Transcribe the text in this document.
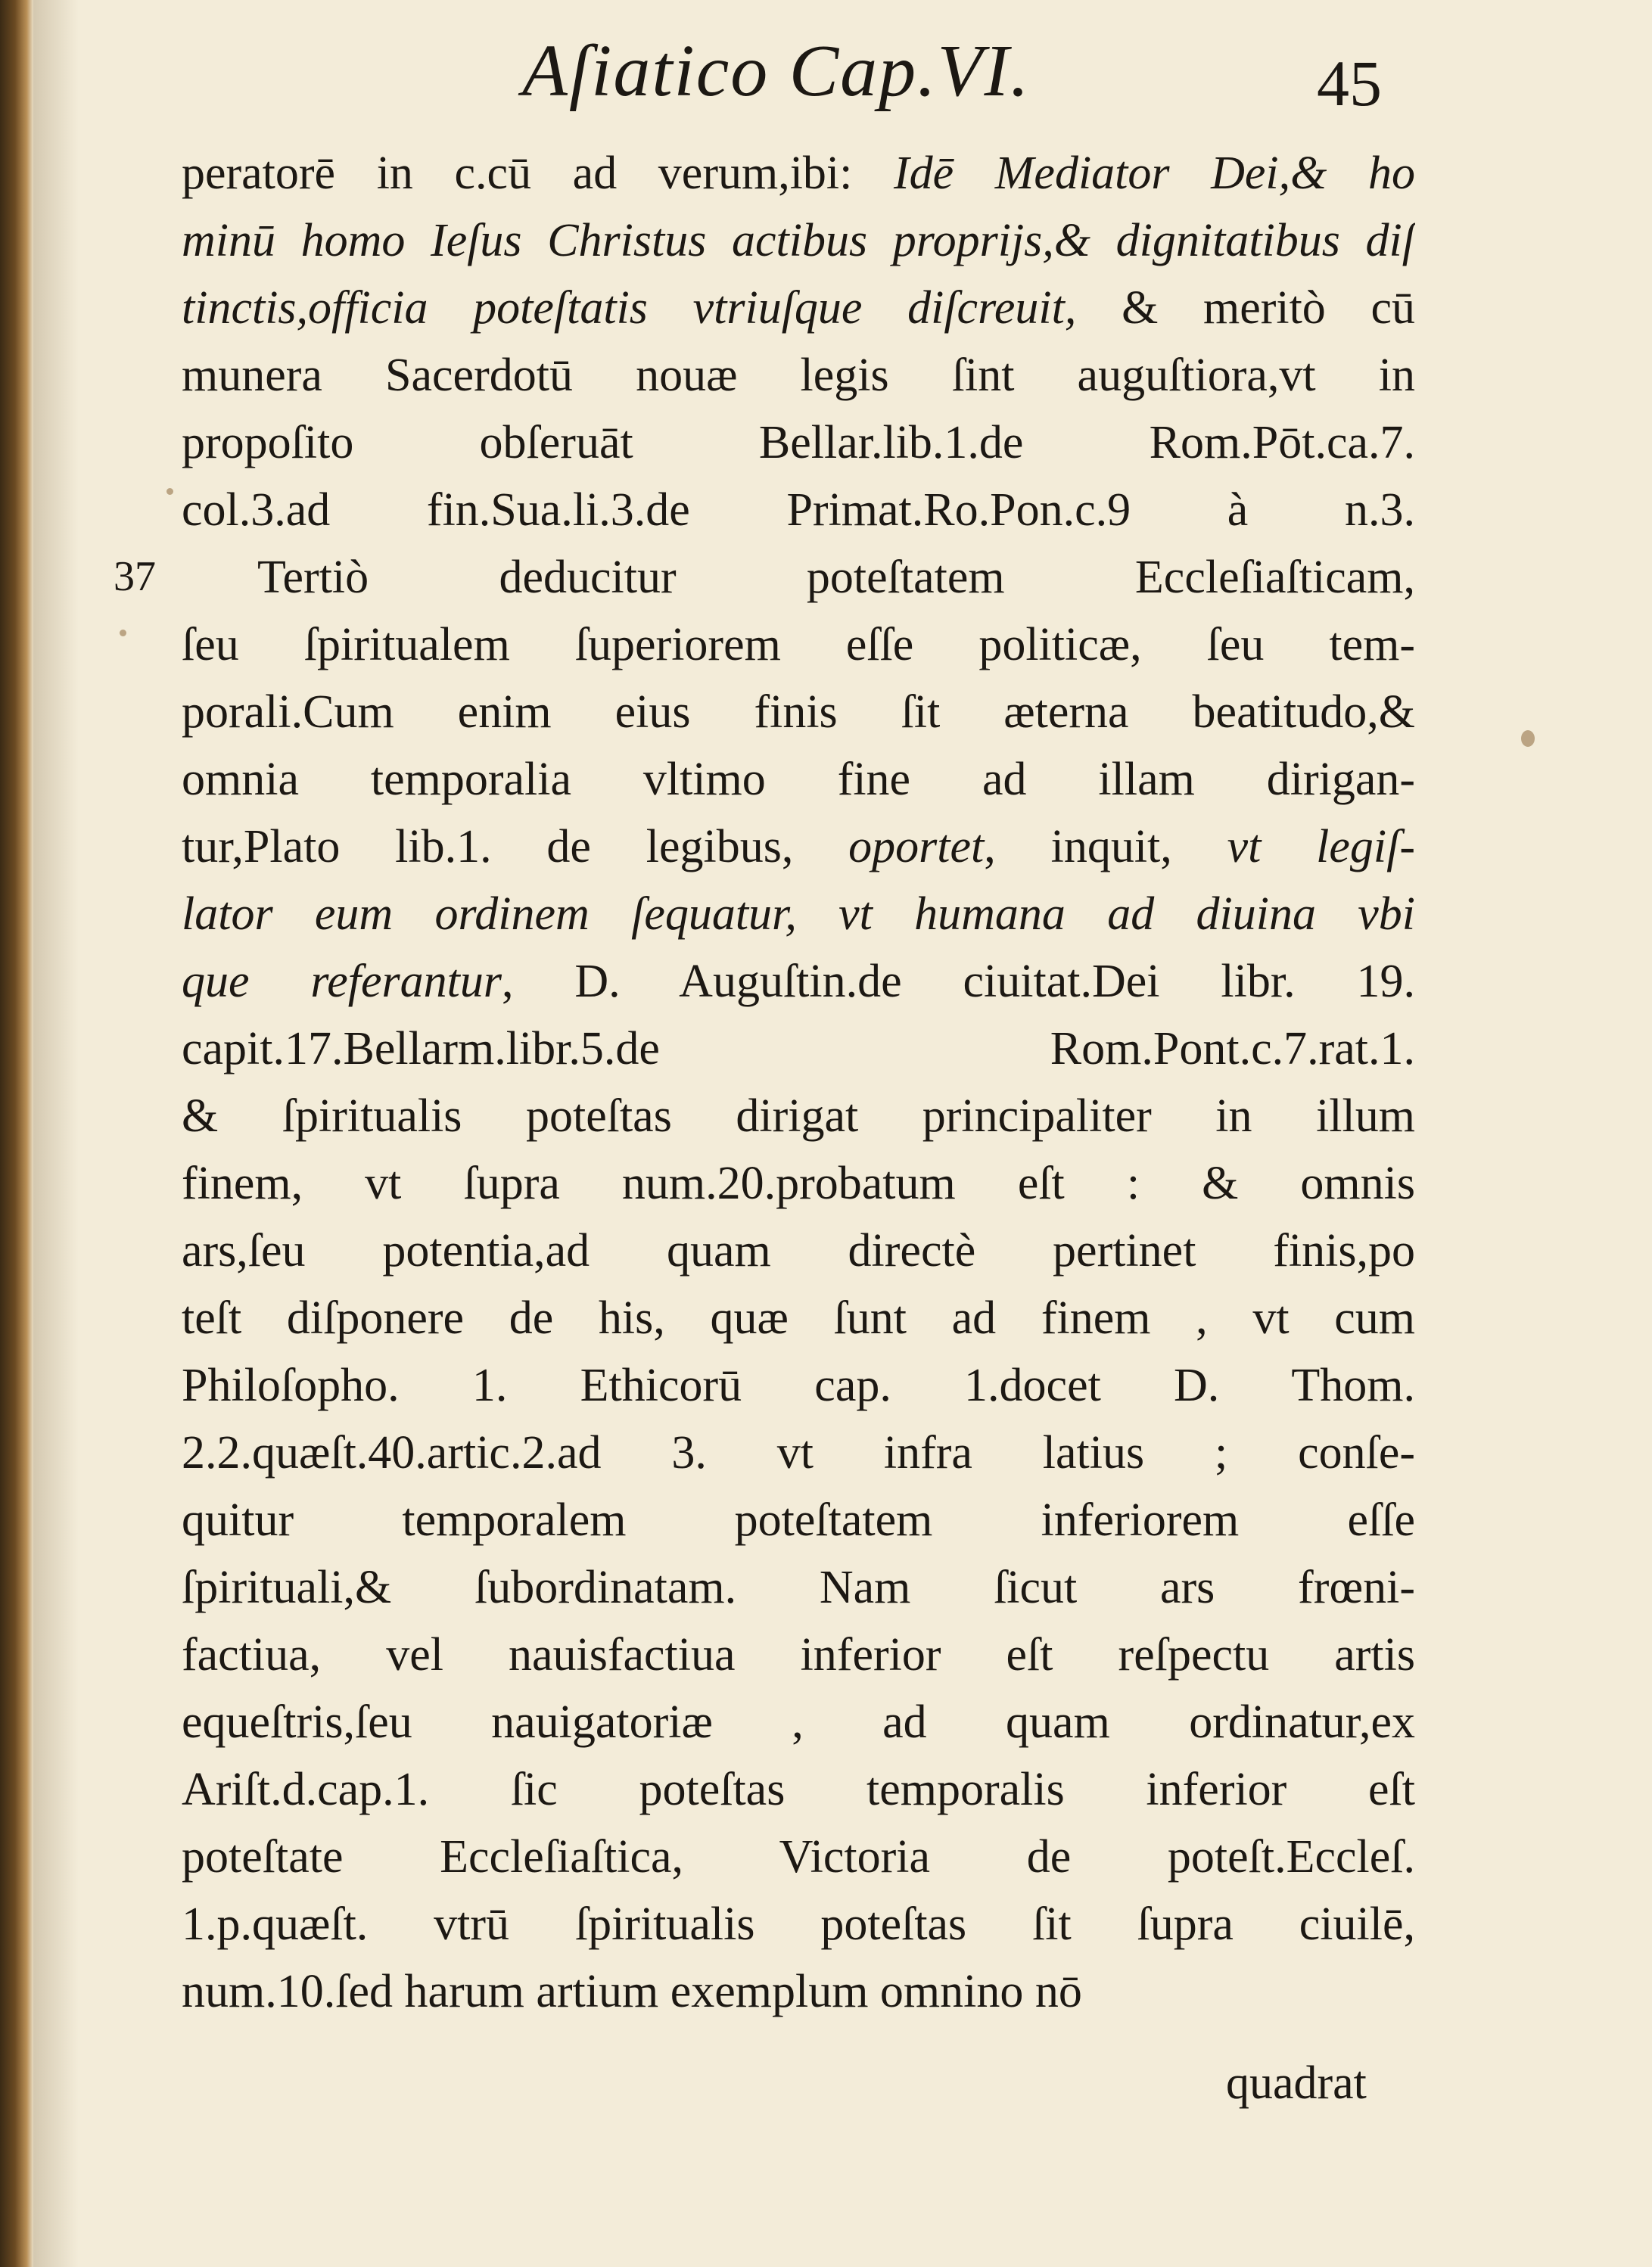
Aſiatico Cap.VI.	45
37
peratorē in c.cū ad verum,ibi: Idē Mediator Dei,& ho
minū homo Ieſus Christus actibus proprijs,& dignitatibus diſ
tinctis,officia poteſtatis vtriuſque diſcreuit, & meritò cū
munera Sacerdotū nouæ legis ſint auguſtiora,vt in
propoſito obſeruāt Bellar.lib.1.de Rom.Pōt.ca.7.
col.3.ad fin.Sua.li.3.de Primat.Ro.Pon.c.9 à n.3.
Tertiò deducitur poteſtatem Eccleſiaſticam,
ſeu ſpiritualem ſuperiorem eſſe politicæ, ſeu tem-
porali.Cum enim eius finis ſit æterna beatitudo,&
omnia temporalia vltimo fine ad illam dirigan-
tur,Plato lib.1. de legibus, oportet, inquit, vt legiſ-
lator eum ordinem ſequatur, vt humana ad diuina vbi
que referantur, D. Auguſtin.de ciuitat.Dei libr. 19.
capit.17.Bellarm.libr.5.de Rom.Pont.c.7.rat.1.
& ſpiritualis poteſtas dirigat principaliter in illum
finem, vt ſupra num.20.probatum eſt : & omnis
ars,ſeu potentia,ad quam directè pertinet finis,po
teſt diſponere de his, quæ ſunt ad finem , vt cum
Philoſopho. 1. Ethicorū cap. 1.docet D. Thom.
2.2.quæſt.40.artic.2.ad 3. vt infra latius ; conſe-
quitur temporalem poteſtatem inferiorem eſſe
ſpirituali,& ſubordinatam. Nam ſicut ars frœni-
factiua, vel nauisfactiua inferior eſt reſpectu artis
equeſtris,ſeu nauigatoriæ , ad quam ordinatur,ex
Ariſt.d.cap.1. ſic poteſtas temporalis inferior eſt
poteſtate Eccleſiaſtica, Victoria de poteſt.Eccleſ.
1.p.quæſt. vtrū ſpiritualis poteſtas ſit ſupra ciuilē,
num.10.ſed harum artium exemplum omnino nō
quadrat
